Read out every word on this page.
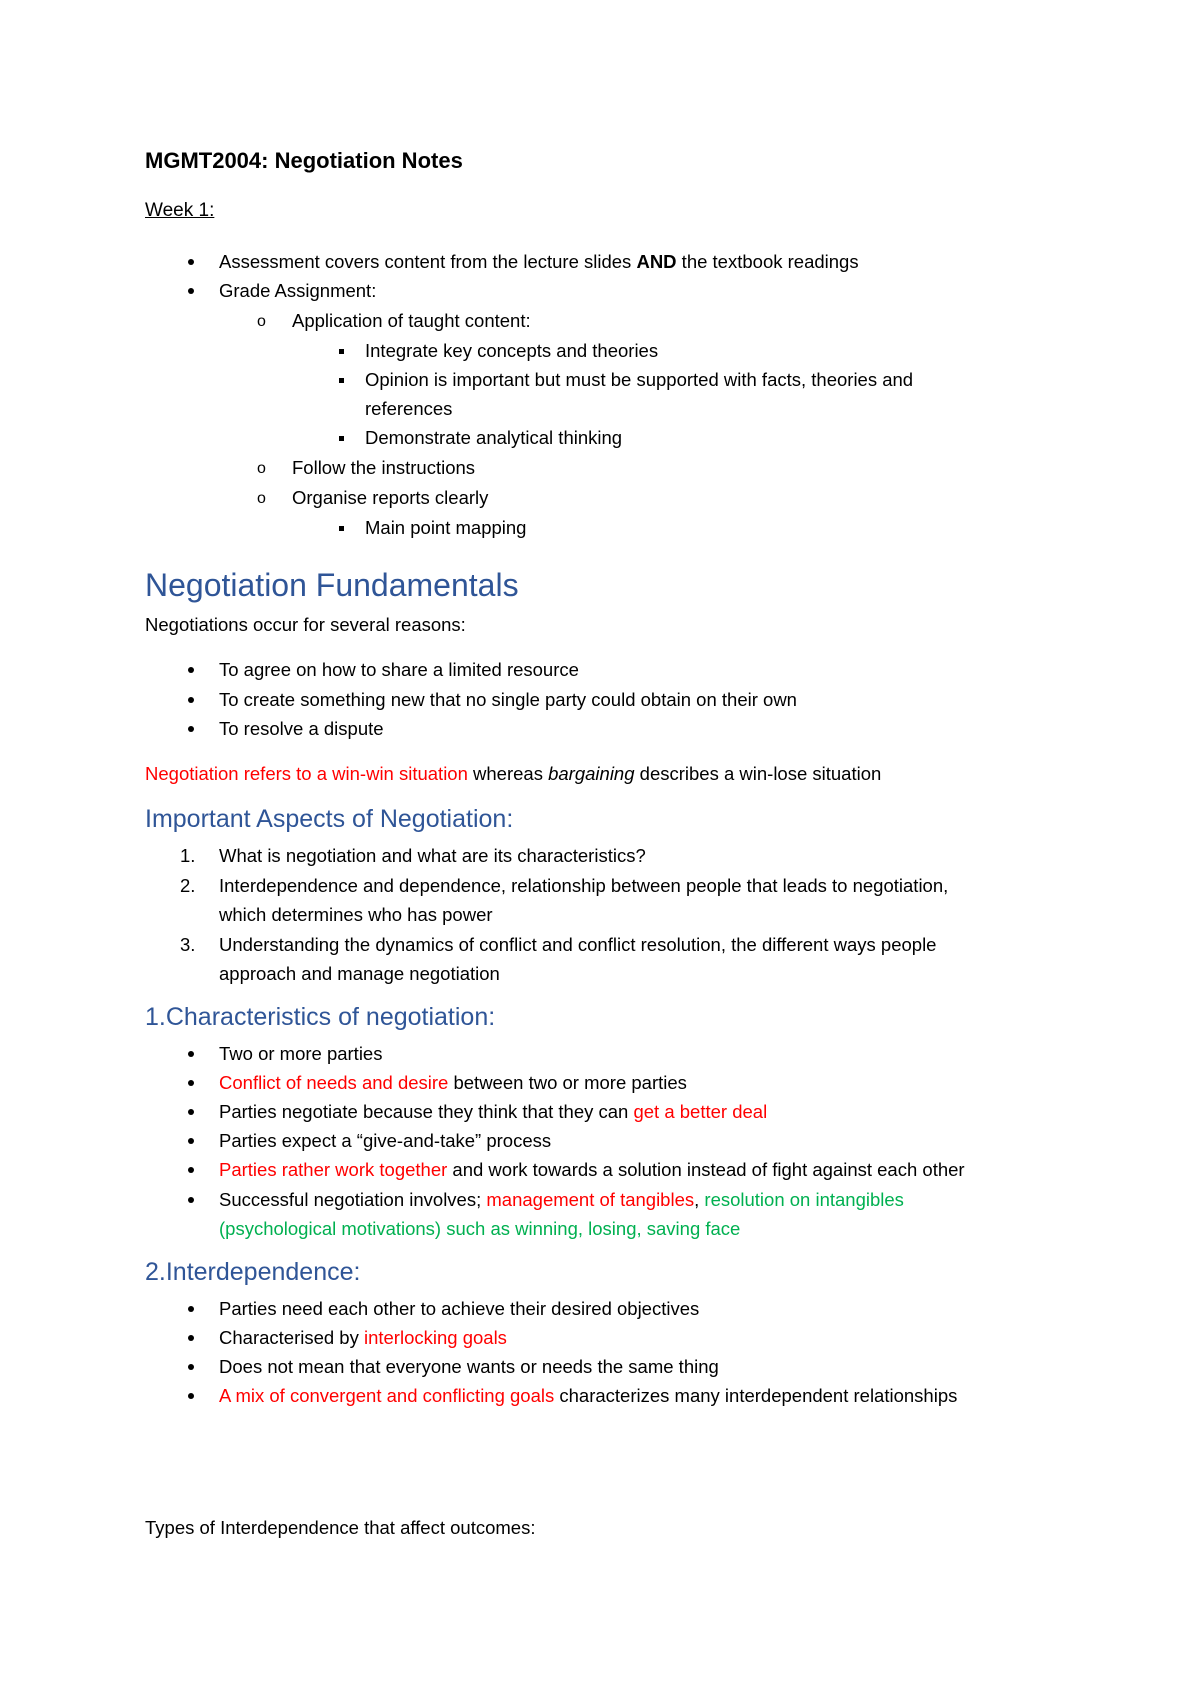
MGMT2004: Negotiation Notes
Week 1:
Assessment covers content from the lecture slides AND the textbook readings
Grade Assignment:
o Application of taught content:
Integrate key concepts and theories
Opinion is important but must be supported with facts, theories and
references
Demonstrate analytical thinking
o Follow the instructions
o Organise reports clearly
Main point mapping
Negotiation Fundamentals
Negotiations occur for several reasons:
To agree on how to share a limited resource
To create something new that no single party could obtain on their own
To resolve a dispute
Negotiation refers to a win-win situation whereas bargaining describes a win-lose situation
Important Aspects of Negotiation:
1. What is negotiation and what are its characteristics?
2. Interdependence and dependence, relationship between people that leads to negotiation,
which determines who has power
3. Understanding the dynamics of conflict and conflict resolution, the different ways people
approach and manage negotiation
1.Characteristics of negotiation:
Two or more parties
Conflict of needs and desire between two or more parties
Parties negotiate because they think that they can get a better deal
Parties expect a “give-and-take” process
Parties rather work together and work towards a solution instead of fight against each other
Successful negotiation involves; management of tangibles, resolution on intangibles
(psychological motivations) such as winning, losing, saving face
2.Interdependence:
Parties need each other to achieve their desired objectives
Characterised by interlocking goals
Does not mean that everyone wants or needs the same thing
A mix of convergent and conflicting goals characterizes many interdependent relationships
Types of Interdependence that affect outcomes:
